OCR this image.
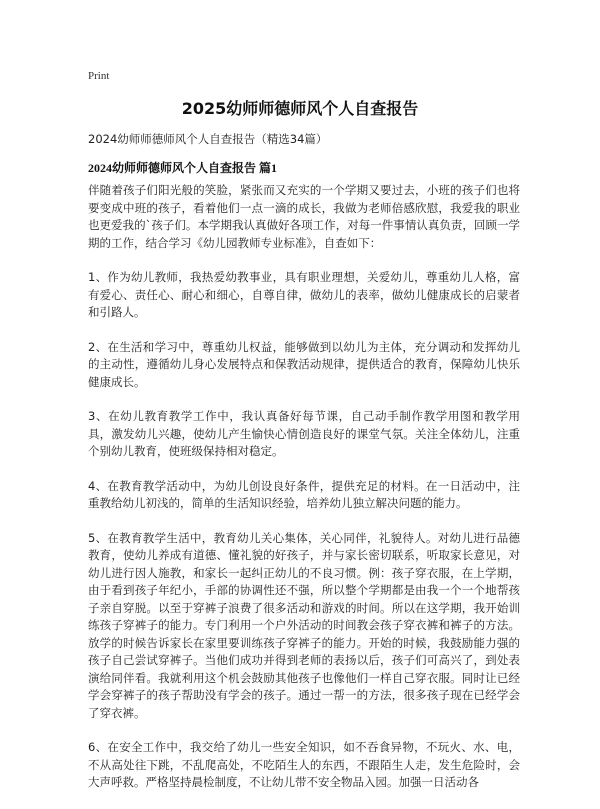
Print
2025幼师师德师风个人自查报告
2024幼师师德师风个人自查报告（精选34篇）
2024幼师师德师风个人自查报告 篇1

伴随着孩子们阳光般的笑脸，紧张而又充实的一个学期又要过去，小班的孩子们也将要变成中班的孩子，看着他们一点一滴的成长，我做为老师倍感欣慰，我爱我的职业也更爱我的`孩子们。本学期我认真做好各项工作，对每一件事情认真负责，回顾一学期的工作，结合学习《幼儿园教师专业标准》，自查如下：

1、作为幼儿教师，我热爱幼教事业，具有职业理想，关爱幼儿，尊重幼儿人格，富有爱心、责任心、耐心和细心，自尊自律，做幼儿的表率，做幼儿健康成长的启蒙者和引路人。

2、在生活和学习中，尊重幼儿权益，能够做到以幼儿为主体，充分调动和发挥幼儿的主动性，遵循幼儿身心发展特点和保教活动规律，提供适合的教育，保障幼儿快乐健康成长。

3、在幼儿教育教学工作中，我认真备好每节课，自己动手制作教学用图和教学用具，激发幼儿兴趣，使幼儿产生愉快心情创造良好的课堂气氛。关注全体幼儿，注重个别幼儿教育，使班级保持相对稳定。

4、在教育教学活动中，为幼儿创设良好条件，提供充足的材料。在一日活动中，注重教给幼儿初浅的，简单的生活知识经验，培养幼儿独立解决问题的能力。

5、在教育教学生活中，教育幼儿关心集体，关心同伴，礼貌待人。对幼儿进行品德教育，使幼儿养成有道德、懂礼貌的好孩子，并与家长密切联系，听取家长意见，对幼儿进行因人施教，和家长一起纠正幼儿的不良习惯。例：孩子穿衣服，在上学期，由于看到孩子年纪小，手部的协调性还不强，所以整个学期都是由我一个一个地帮孩子亲自穿脱。以至于穿裤子浪费了很多活动和游戏的时间。所以在这学期，我开始训练孩子穿裤子的能力。专门利用一个户外活动的时间教会孩子穿衣裤和裤子的方法。放学的时候告诉家长在家里要训练孩子穿裤子的能力。开始的时候，我鼓励能力强的孩子自己尝试穿裤子。当他们成功并得到老师的表扬以后，孩子们可高兴了，到处表演给同伴看。我就利用这个机会鼓励其他孩子也像他们一样自己穿衣服。同时让已经学会穿裤子的孩子帮助没有学会的孩子。通过一帮一的方法，很多孩子现在已经学会了穿衣裤。

6、在安全工作中，我交给了幼儿一些安全知识，如不吞食异物，不玩火、水、电，不从高处往下跳，不乱爬高处，不吃陌生人的东西，不跟陌生人走，发生危险时，会大声呼救。严格坚持晨检制度，不让幼儿带不安全物品入园。加强一日活动各
